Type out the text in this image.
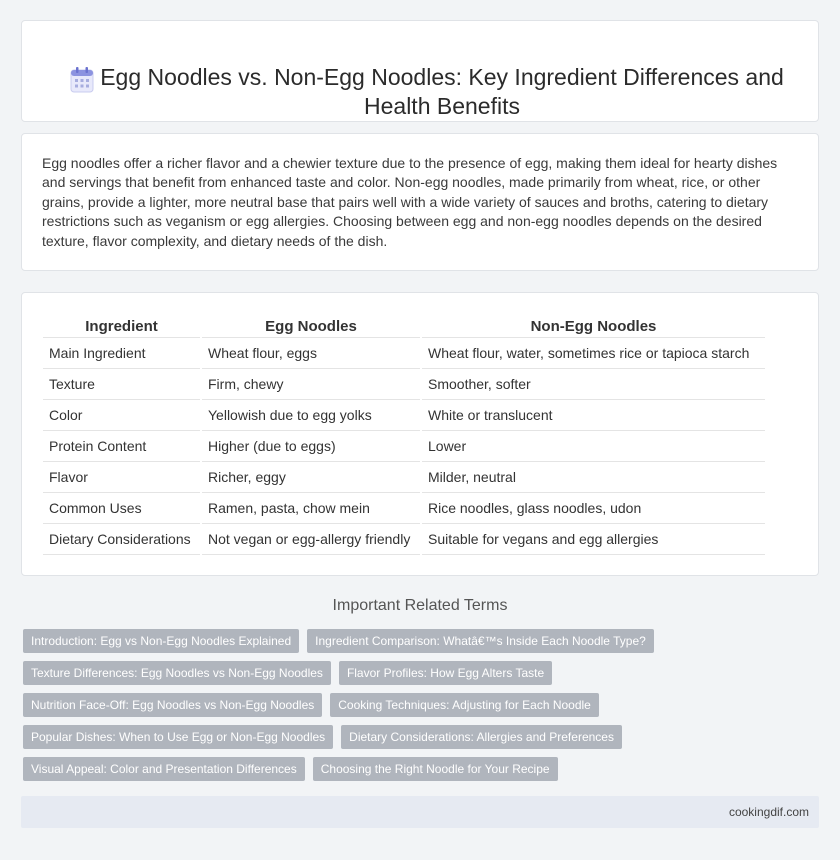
Egg Noodles vs. Non-Egg Noodles: Key Ingredient Differences and Health Benefits

Egg noodles offer a richer flavor and a chewier texture due to the presence of egg, making them ideal for hearty dishes and servings that benefit from enhanced taste and color. Non-egg noodles, made primarily from wheat, rice, or other grains, provide a lighter, more neutral base that pairs well with a wide variety of sauces and broths, catering to dietary restrictions such as veganism or egg allergies. Choosing between egg and non-egg noodles depends on the desired texture, flavor complexity, and dietary needs of the dish.

Ingredient	Egg Noodles	Non-Egg Noodles
Main Ingredient	Wheat flour, eggs	Wheat flour, water, sometimes rice or tapioca starch
Texture	Firm, chewy	Smoother, softer
Color	Yellowish due to egg yolks	White or translucent
Protein Content	Higher (due to eggs)	Lower
Flavor	Richer, eggy	Milder, neutral
Common Uses	Ramen, pasta, chow mein	Rice noodles, glass noodles, udon
Dietary Considerations	Not vegan or egg-allergy friendly	Suitable for vegans and egg allergies
Important Related Terms
Introduction: Egg vs Non-Egg Noodles Explained	Ingredient Comparison: Whatâ€™s Inside Each Noodle Type?
Texture Differences: Egg Noodles vs Non-Egg Noodles	Flavor Profiles: How Egg Alters Taste
Nutrition Face-Off: Egg Noodles vs Non-Egg Noodles	Cooking Techniques: Adjusting for Each Noodle
Popular Dishes: When to Use Egg or Non-Egg Noodles	Dietary Considerations: Allergies and Preferences
Visual Appeal: Color and Presentation Differences	Choosing the Right Noodle for Your Recipe
cookingdif.com
